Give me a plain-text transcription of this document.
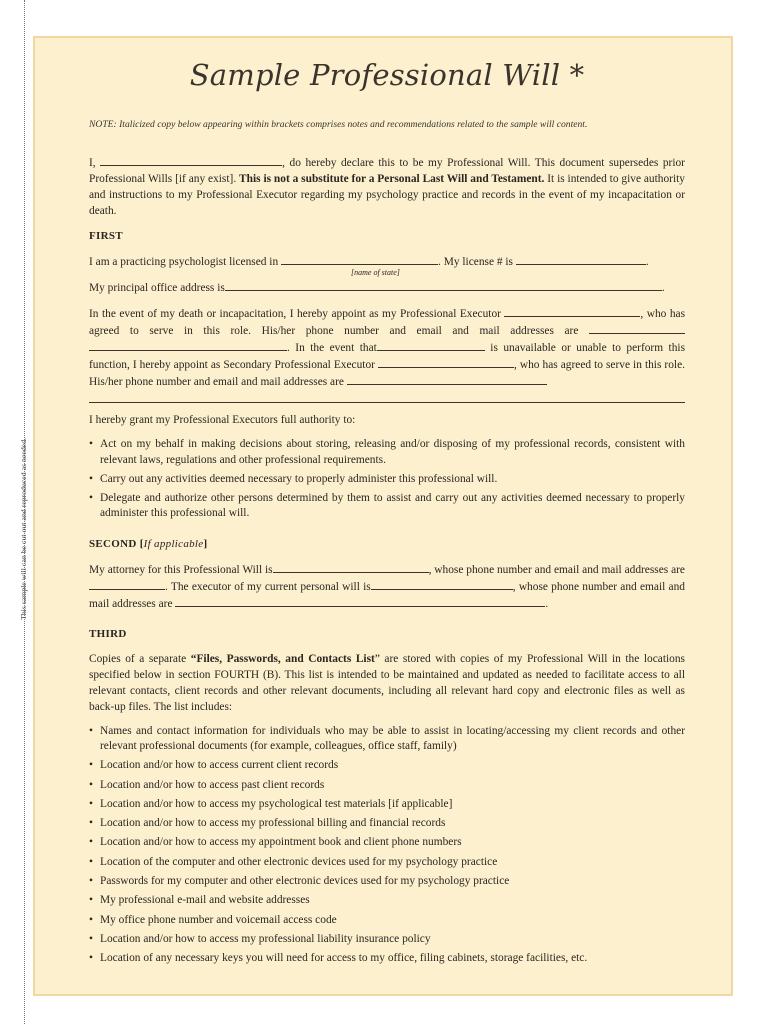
This sample will can be cut out and reproduced as needed.
Sample Professional Will *
NOTE: Italicized copy below appearing within brackets comprises notes and recommendations related to the sample will content.

I,	, do hereby declare this to be my Professional Will. This document supersedes prior Professional Wills [if any exist]. This is not a substitute for a Personal Last Will and Testament. It is intended to give authority and instructions to my Professional Executor regarding my psychology practice and records in the event of my incapacitation or death.

FIRST

I am a practicing psychologist licensed in	. My license # is	.
[name of state]

My principal office address is	.

In the event of my death or incapacitation, I hereby appoint as my Professional Executor	, who has agreed to serve in this role. His/her phone number and email and mail addresses are  . In the event that	is unavailable or unable to perform this function, I hereby appoint as Secondary Professional Executor	, who has agreed to serve in this role. His/her phone number and email and mail addresses are

I hereby grant my Professional Executors full authority to:

• Act on my behalf in making decisions about storing, releasing and/or disposing of my professional records, consistent with relevant laws, regulations and other professional requirements.
• Carry out any activities deemed necessary to properly administer this professional will.
• Delegate and authorize other persons determined by them to assist and carry out any activities deemed necessary to properly administer this professional will.
SECOND [If applicable]

My attorney for this Professional Will is	, whose phone number and email and mail addresses are . The executor of my current personal will is	, whose phone number and email and mail addresses are	.

THIRD

Copies of a separate “Files, Passwords, and Contacts List” are stored with copies of my Professional Will in the locations specified below in section FOURTH (B). This list is intended to be maintained and updated as needed to facilitate access to all relevant contacts, client records and other relevant documents, including all relevant hard copy and electronic files as well as back-up files. The list includes:

• Names and contact information for individuals who may be able to assist in locating/accessing my client records and other relevant professional documents (for example, colleagues, office staff, family)
• Location and/or how to access current client records
• Location and/or how to access past client records
• Location and/or how to access my psychological test materials [if applicable]
• Location and/or how to access my professional billing and financial records
• Location and/or how to access my appointment book and client phone numbers
• Location of the computer and other electronic devices used for my psychology practice
• Passwords for my computer and other electronic devices used for my psychology practice
• My professional e-mail and website addresses
• My office phone number and voicemail access code
• Location and/or how to access my professional liability insurance policy
• Location of any necessary keys you will need for access to my office, filing cabinets, storage facilities, etc.
